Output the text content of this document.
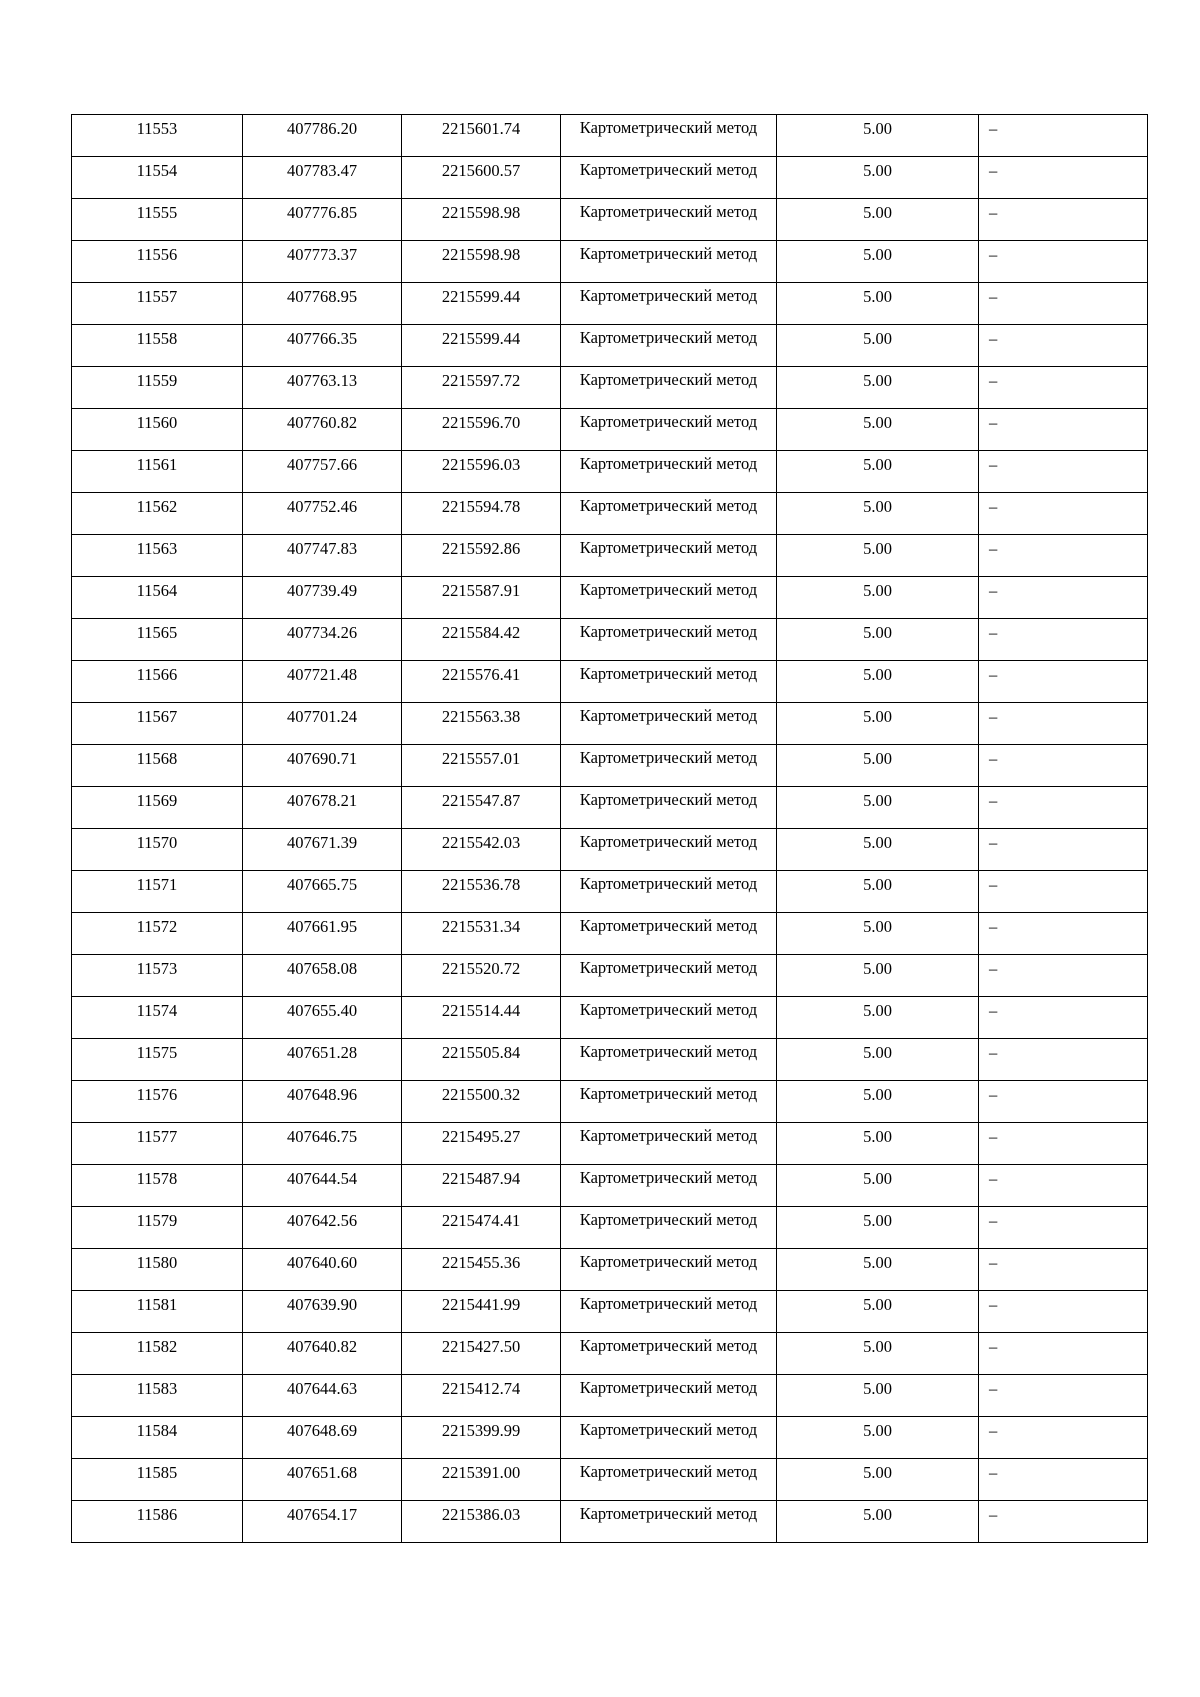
11553	407786.20	2215601.74	Картометрический метод	5.00	–

11554	407783.47	2215600.57	Картометрический метод	5.00	–

11555	407776.85	2215598.98	Картометрический метод	5.00	–

11556	407773.37	2215598.98	Картометрический метод	5.00	–

11557	407768.95	2215599.44	Картометрический метод	5.00	–

11558	407766.35	2215599.44	Картометрический метод	5.00	–

11559	407763.13	2215597.72	Картометрический метод	5.00	–

11560	407760.82	2215596.70	Картометрический метод	5.00	–

11561	407757.66	2215596.03	Картометрический метод	5.00	–

11562	407752.46	2215594.78	Картометрический метод	5.00	–

11563	407747.83	2215592.86	Картометрический метод	5.00	–

11564	407739.49	2215587.91	Картометрический метод	5.00	–

11565	407734.26	2215584.42	Картометрический метод	5.00	–

11566	407721.48	2215576.41	Картометрический метод	5.00	–

11567	407701.24	2215563.38	Картометрический метод	5.00	–

11568	407690.71	2215557.01	Картометрический метод	5.00	–

11569	407678.21	2215547.87	Картометрический метод	5.00	–

11570	407671.39	2215542.03	Картометрический метод	5.00	–

11571	407665.75	2215536.78	Картометрический метод	5.00	–

11572	407661.95	2215531.34	Картометрический метод	5.00	–

11573	407658.08	2215520.72	Картометрический метод	5.00	–

11574	407655.40	2215514.44	Картометрический метод	5.00	–

11575	407651.28	2215505.84	Картометрический метод	5.00	–

11576	407648.96	2215500.32	Картометрический метод	5.00	–

11577	407646.75	2215495.27	Картометрический метод	5.00	–

11578	407644.54	2215487.94	Картометрический метод	5.00	–

11579	407642.56	2215474.41	Картометрический метод	5.00	–

11580	407640.60	2215455.36	Картометрический метод	5.00	–

11581	407639.90	2215441.99	Картометрический метод	5.00	–

11582	407640.82	2215427.50	Картометрический метод	5.00	–

11583	407644.63	2215412.74	Картометрический метод	5.00	–

11584	407648.69	2215399.99	Картометрический метод	5.00	–

11585	407651.68	2215391.00	Картометрический метод	5.00	–

11586	407654.17	2215386.03	Картометрический метод	5.00	–
